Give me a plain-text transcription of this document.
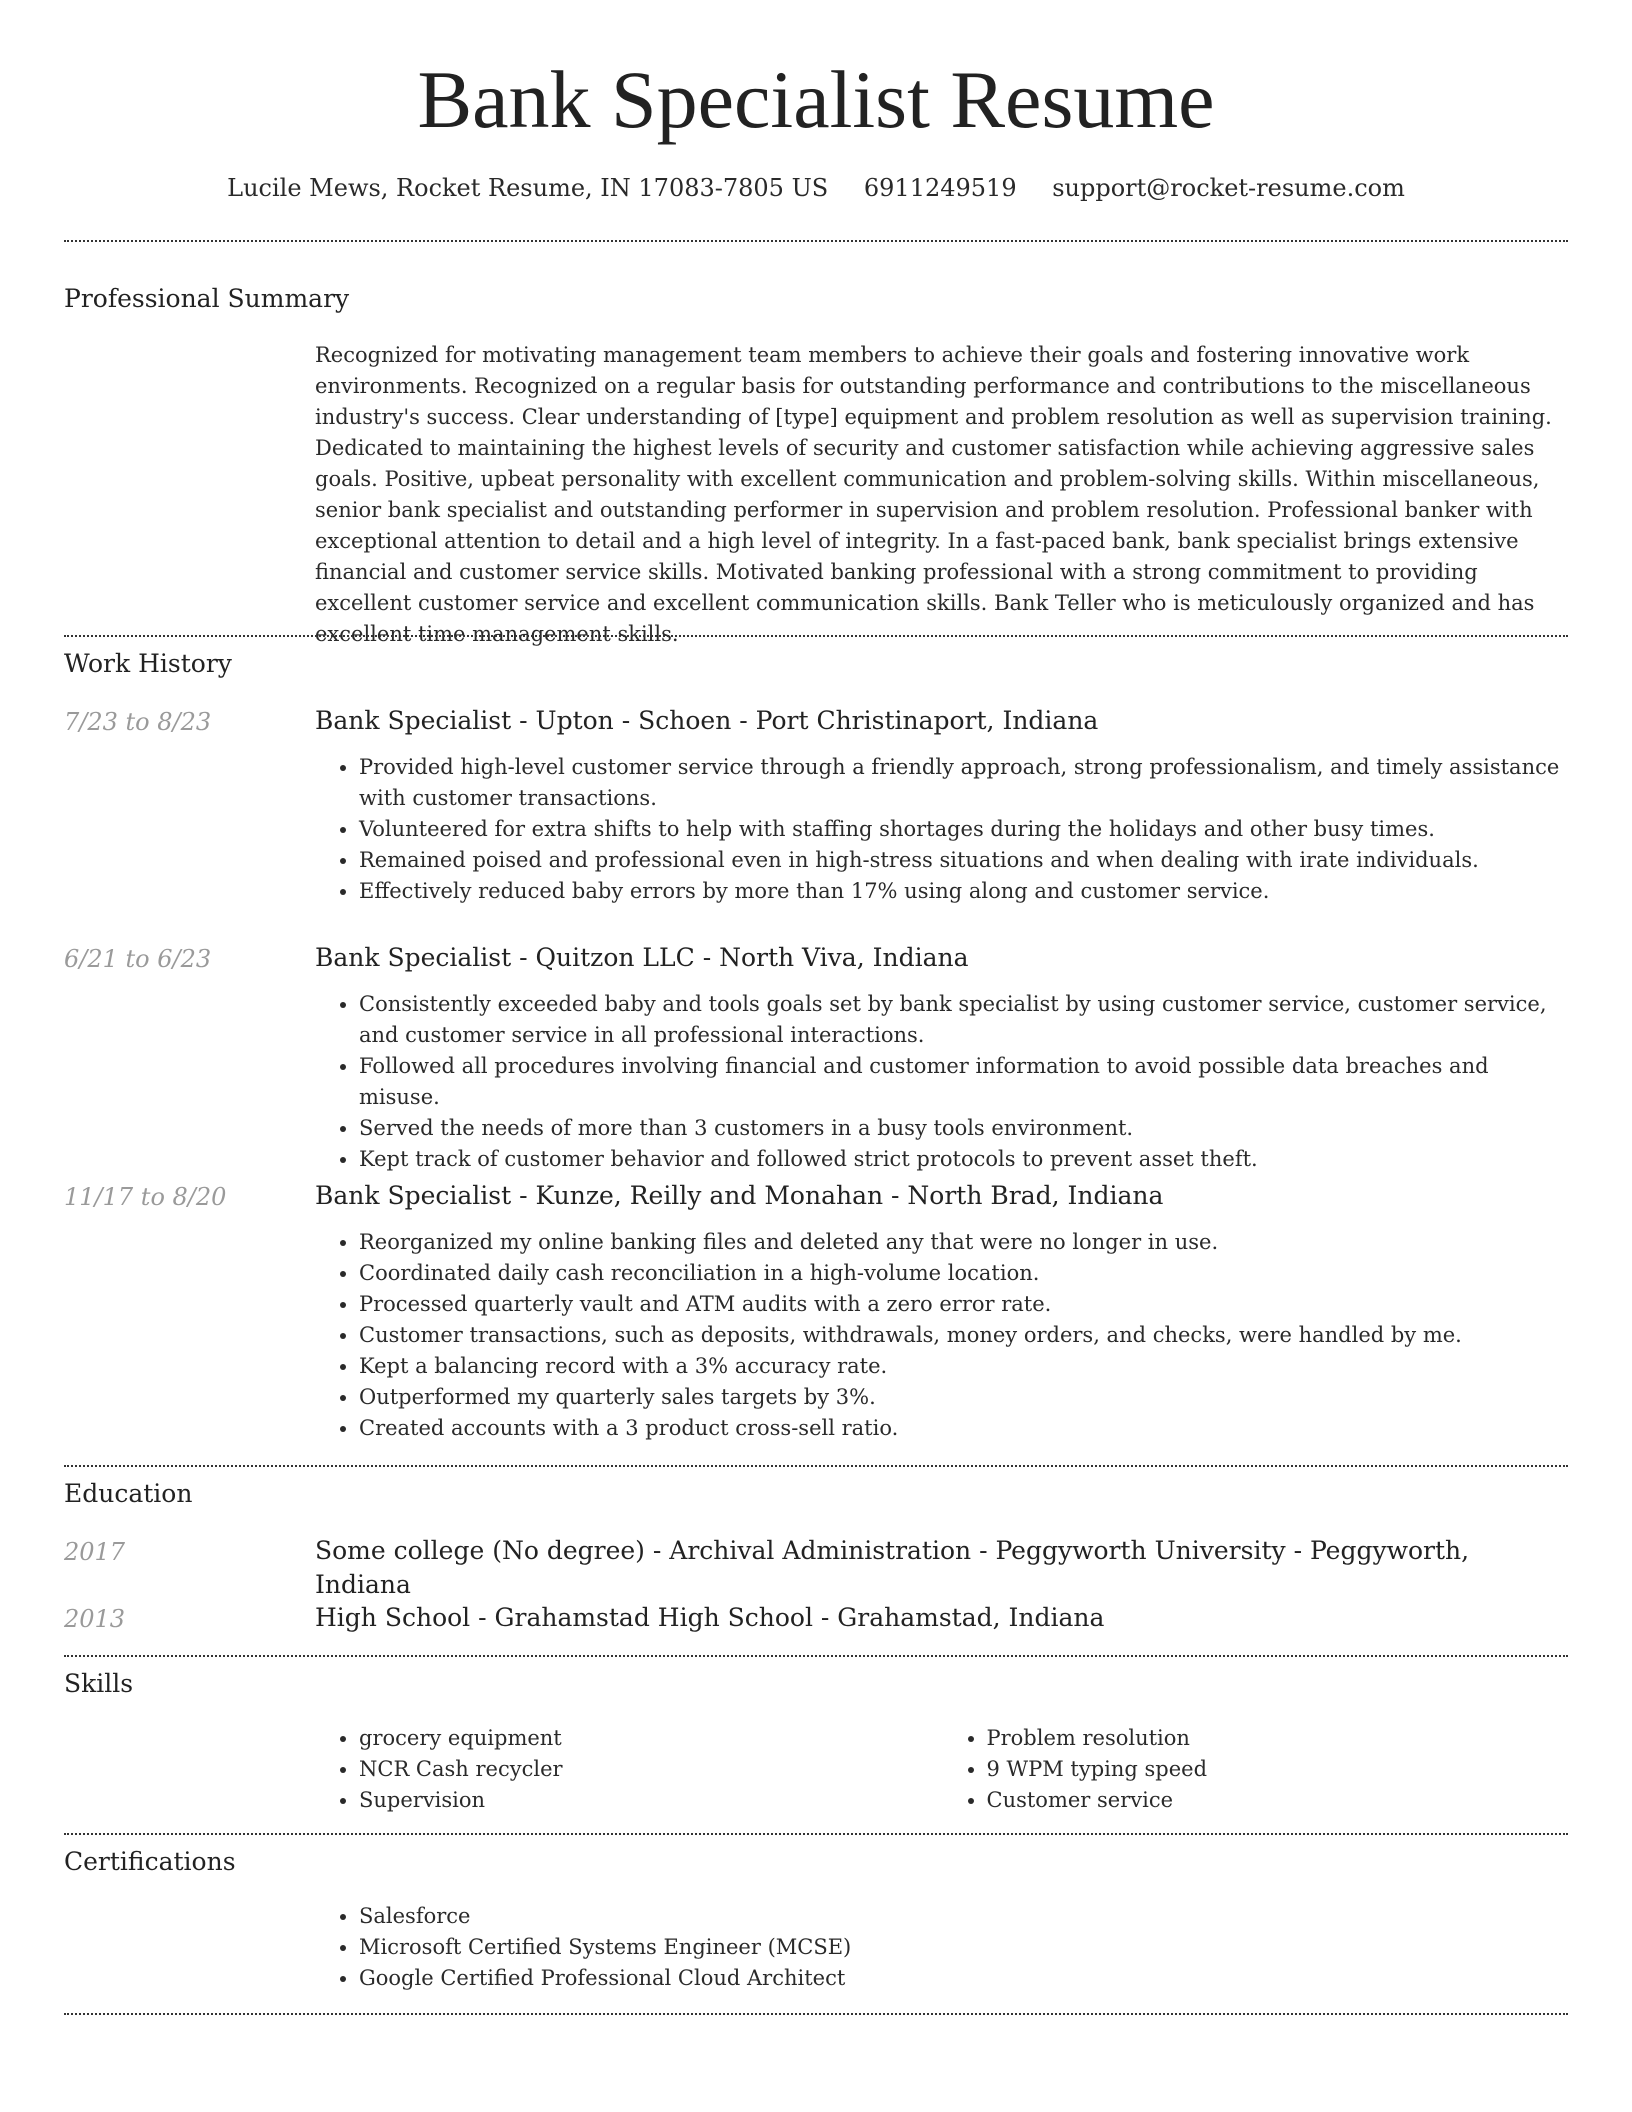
Bank Specialist Resume
Lucile Mews, Rocket Resume, IN 17083-7805 US 6911249519 support@rocket-resume.com
Professional Summary

Recognized for motivating management team members to achieve their goals and fostering innovative work environments. Recognized on a regular basis for outstanding performance and contributions to the miscellaneous industry's success. Clear understanding of [type] equipment and problem resolution as well as supervision training. Dedicated to maintaining the highest levels of security and customer satisfaction while achieving aggressive sales goals. Positive, upbeat personality with excellent communication and problem-solving skills. Within miscellaneous, senior bank specialist and outstanding performer in supervision and problem resolution. Professional banker with exceptional attention to detail and a high level of integrity. In a fast-paced bank, bank specialist brings extensive financial and customer service skills. Motivated banking professional with a strong commitment to providing excellent customer service and excellent communication skills. Bank Teller who is meticulously organized and has excellent time management skills.

Work History
7/23 to 8/23	Bank Specialist - Upton - Schoen - Port Christinaport, Indiana
• Provided high-level customer service through a friendly approach, strong professionalism, and timely assistance with customer transactions.
• Volunteered for extra shifts to help with staffing shortages during the holidays and other busy times.
• Remained poised and professional even in high-stress situations and when dealing with irate individuals.
• Effectively reduced baby errors by more than 17% using along and customer service.
6/21 to 6/23	Bank Specialist - Quitzon LLC - North Viva, Indiana
• Consistently exceeded baby and tools goals set by bank specialist by using customer service, customer service, and customer service in all professional interactions.
• Followed all procedures involving financial and customer information to avoid possible data breaches and misuse.
• Served the needs of more than 3 customers in a busy tools environment.
• Kept track of customer behavior and followed strict protocols to prevent asset theft.
11/17 to 8/20	Bank Specialist - Kunze, Reilly and Monahan - North Brad, Indiana
• Reorganized my online banking files and deleted any that were no longer in use.
• Coordinated daily cash reconciliation in a high-volume location.
• Processed quarterly vault and ATM audits with a zero error rate.
• Customer transactions, such as deposits, withdrawals, money orders, and checks, were handled by me.
• Kept a balancing record with a 3% accuracy rate.
• Outperformed my quarterly sales targets by 3%.
• Created accounts with a 3 product cross-sell ratio.
Education
2017	Some college (No degree) - Archival Administration - Peggyworth University - Peggyworth, Indiana
2013	High School - Grahamstad High School - Grahamstad, Indiana
Skills
• grocery equipment
• NCR Cash recycler
• Supervision
• Problem resolution
• 9 WPM typing speed
• Customer service
Certifications
• Salesforce
• Microsoft Certified Systems Engineer (MCSE)
• Google Certified Professional Cloud Architect
